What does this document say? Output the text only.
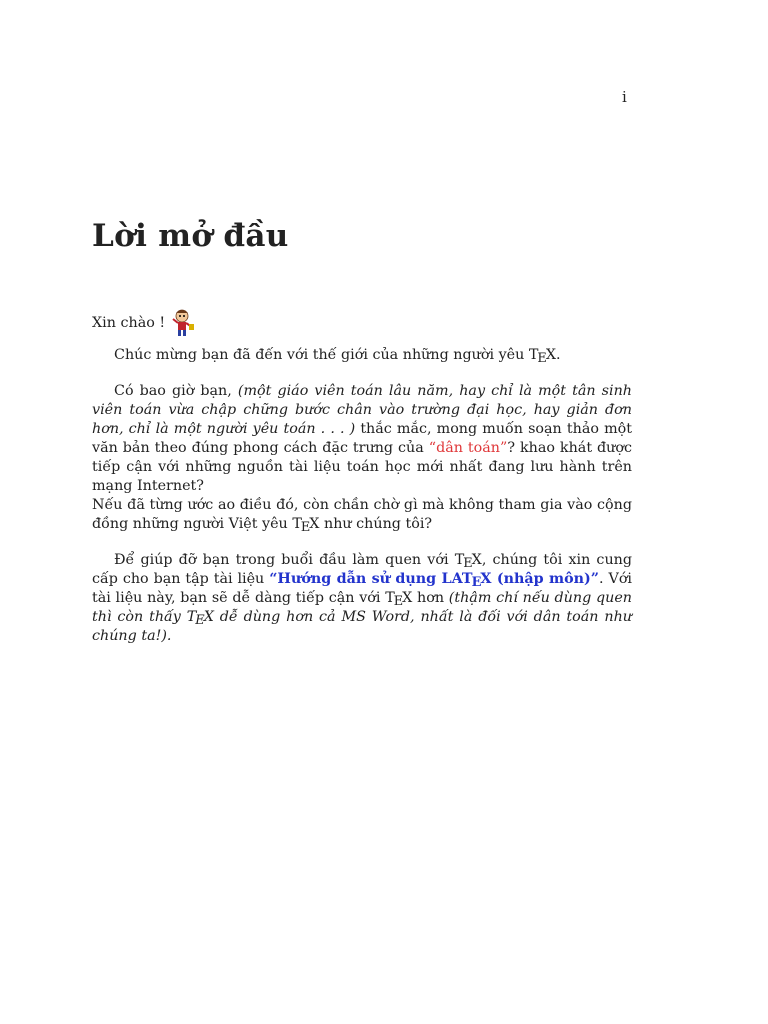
i
Lời mở đầu

Xin chào !

Chúc mừng bạn đã đến với thế giới của những người yêu TEX.

Có bao giờ bạn, (một giáo viên toán lâu năm, hay chỉ là một tân sinh viên toán vừa chập chững bước chân vào trường đại học, hay giản đơn hơn, chỉ là một người yêu toán . . . ) thắc mắc, mong muốn soạn thảo một văn bản theo đúng phong cách đặc trưng của “dân toán”? khao khát được tiếp cận với những nguồn tài liệu toán học mới nhất đang lưu hành trên mạng Internet?

Nếu đã từng ước ao điều đó, còn chần chờ gì mà không tham gia vào cộng đồng những người Việt yêu TEX như chúng tôi?

Để giúp đỡ bạn trong buổi đầu làm quen với TEX, chúng tôi xin cung cấp cho bạn tập tài liệu “Hướng dẫn sử dụng LATEX (nhập môn)”. Với tài liệu này, bạn sẽ dễ dàng tiếp cận với TEX hơn (thậm chí nếu dùng quen thì còn thấy TEX dễ dùng hơn cả MS Word, nhất là đối với dân toán như chúng ta!).
